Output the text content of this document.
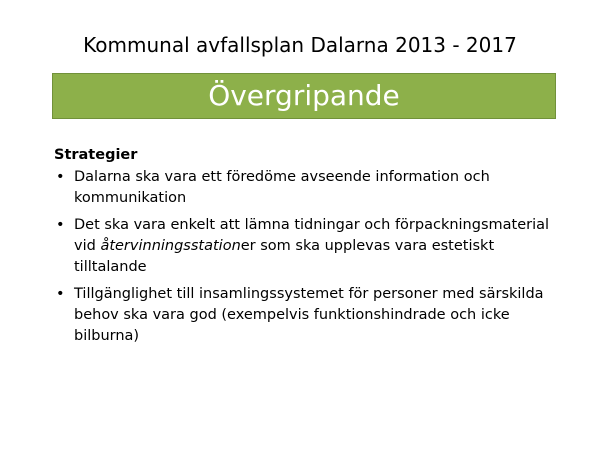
Kommunal avfallsplan Dalarna 2013 - 2017
Övergripande
Strategier
• Dalarna ska vara ett föredöme avseende information och kommunikation
• Det ska vara enkelt att lämna tidningar och förpackningsmaterial vid återvinningsstationer som ska upplevas vara estetiskt tilltalande
• Tillgänglighet till insamlingssystemet för personer med särskilda behov ska vara god (exempelvis funktionshindrade och icke bilburna)
